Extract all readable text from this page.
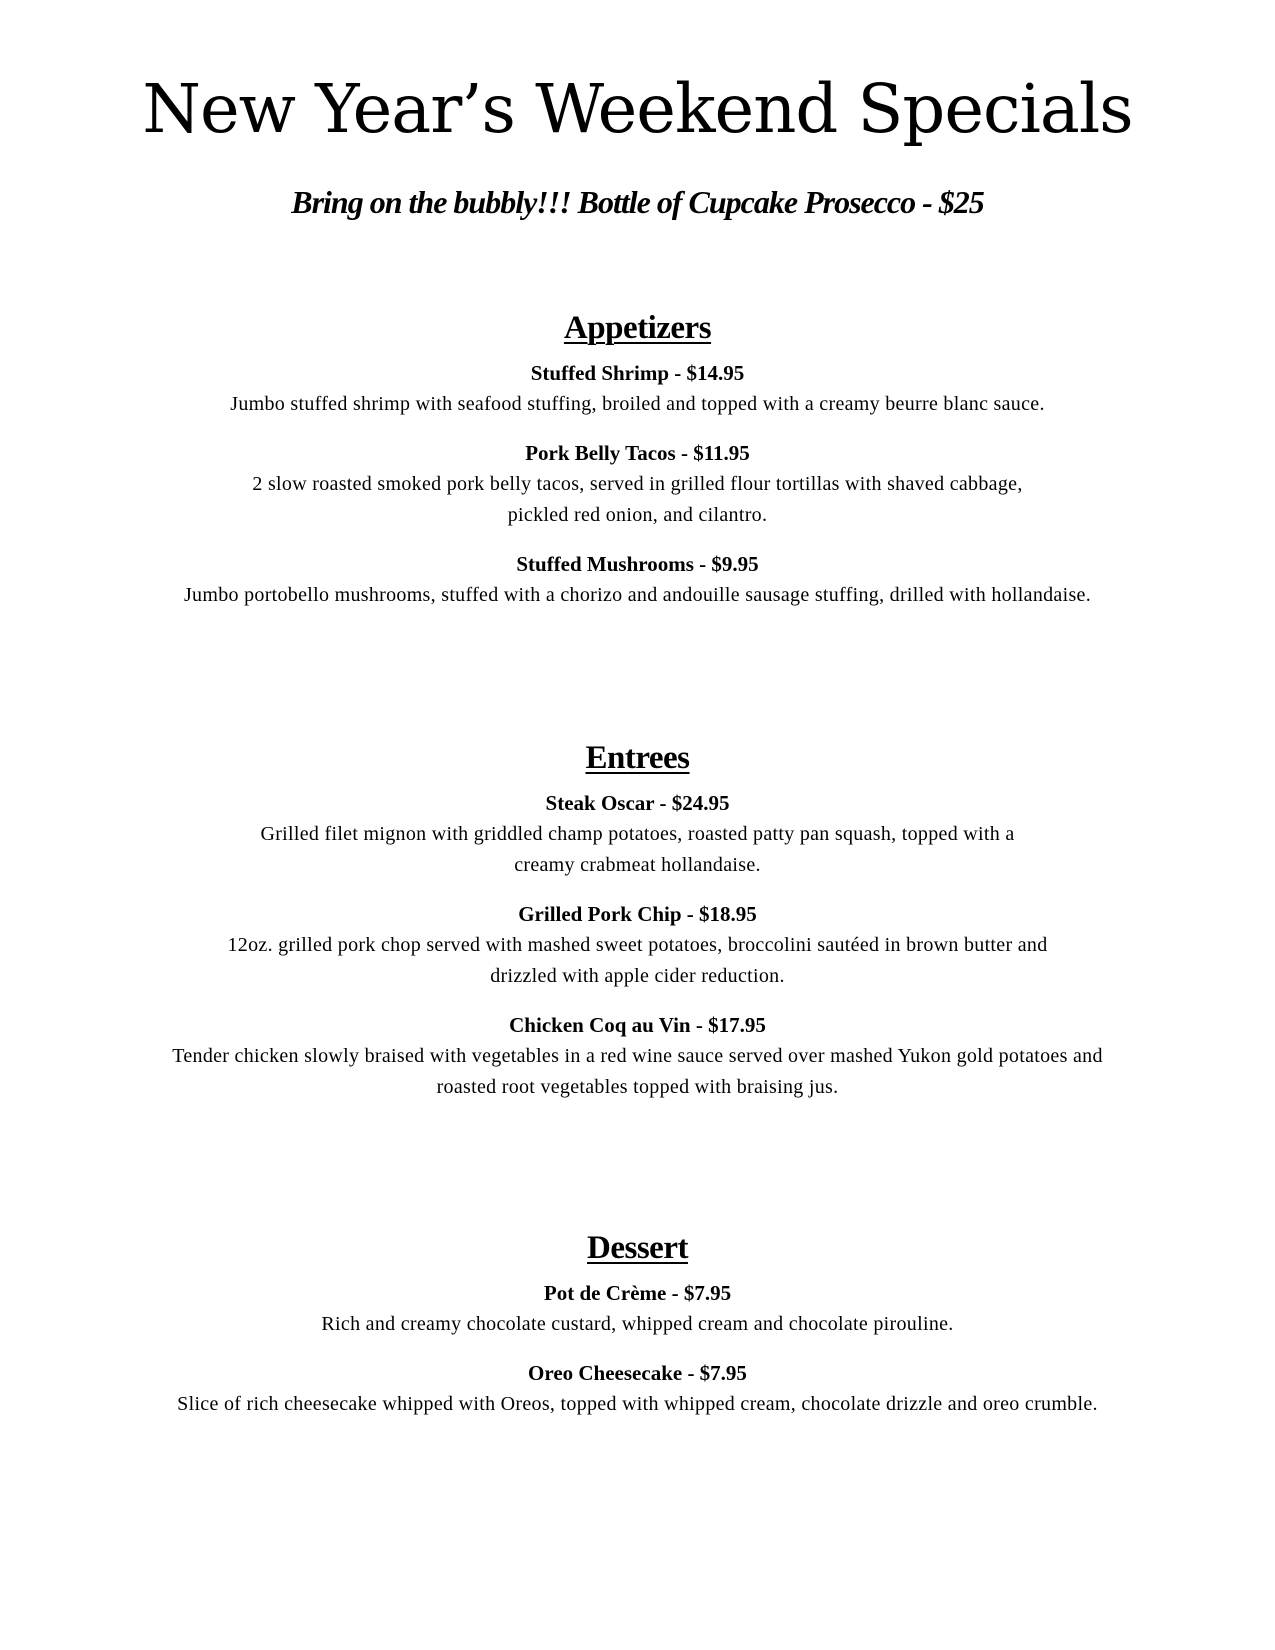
New Year’s Weekend Specials
Bring on the bubbly!!! Bottle of Cupcake Prosecco - $25
Appetizers
Stuffed Shrimp - $14.95
Jumbo stuffed shrimp with seafood stuffing, broiled and topped with a creamy beurre blanc sauce.
Pork Belly Tacos - $11.95
2 slow roasted smoked pork belly tacos, served in grilled flour tortillas with shaved cabbage,
pickled red onion, and cilantro.
Stuffed Mushrooms - $9.95
Jumbo portobello mushrooms, stuffed with a chorizo and andouille sausage stuffing, drilled with hollandaise.
Entrees
Steak Oscar - $24.95
Grilled filet mignon with griddled champ potatoes, roasted patty pan squash, topped with a
creamy crabmeat hollandaise.
Grilled Pork Chip - $18.95
12oz. grilled pork chop served with mashed sweet potatoes, broccolini sautéed in brown butter and
drizzled with apple cider reduction.
Chicken Coq au Vin - $17.95
Tender chicken slowly braised with vegetables in a red wine sauce served over mashed Yukon gold potatoes and
roasted root vegetables topped with braising jus.
Dessert
Pot de Crème - $7.95
Rich and creamy chocolate custard, whipped cream and chocolate pirouline.
Oreo Cheesecake - $7.95
Slice of rich cheesecake whipped with Oreos, topped with whipped cream, chocolate drizzle and oreo crumble.
